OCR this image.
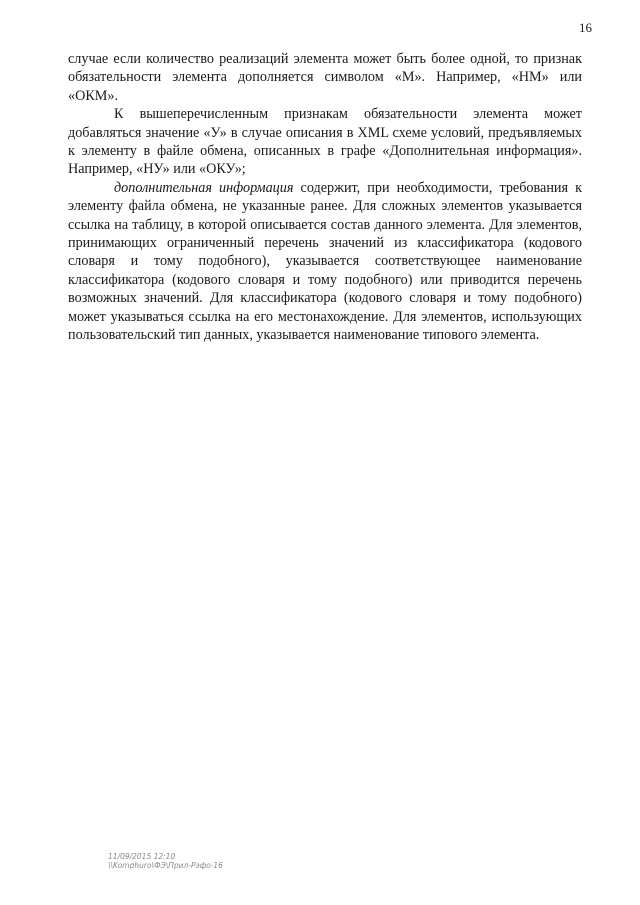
16

случае если количество реализаций элемента может быть более одной, то признак обязательности элемента дополняется символом «М». Например, «НМ» или «ОКМ».

К вышеперечисленным признакам обязательности элемента может добавляться значение «У» в случае описания в XML схеме условий, предъявляемых к элементу в файле обмена, описанных в графе «Дополнительная информация». Например, «НУ» или «ОКУ»;

дополнительная информация содержит, при необходимости, требования к элементу файла обмена, не указанные ранее. Для сложных элементов указывается ссылка на таблицу, в которой описывается состав данного элемента. Для элементов, принимающих ограниченный перечень значений из классификатора (кодового словаря и тому подобного), указывается соответствующее наименование классификатора (кодового словаря и тому подобного) или приводится перечень возможных значений. Для классификатора (кодового словаря и тому подобного) может указываться ссылка на его местонахождение. Для элементов, использующих пользовательский тип данных, указывается наименование типового элемента.

11/09/2015 12:10
\\Komphuro\ФЭ\Прил-Рэфо-16
